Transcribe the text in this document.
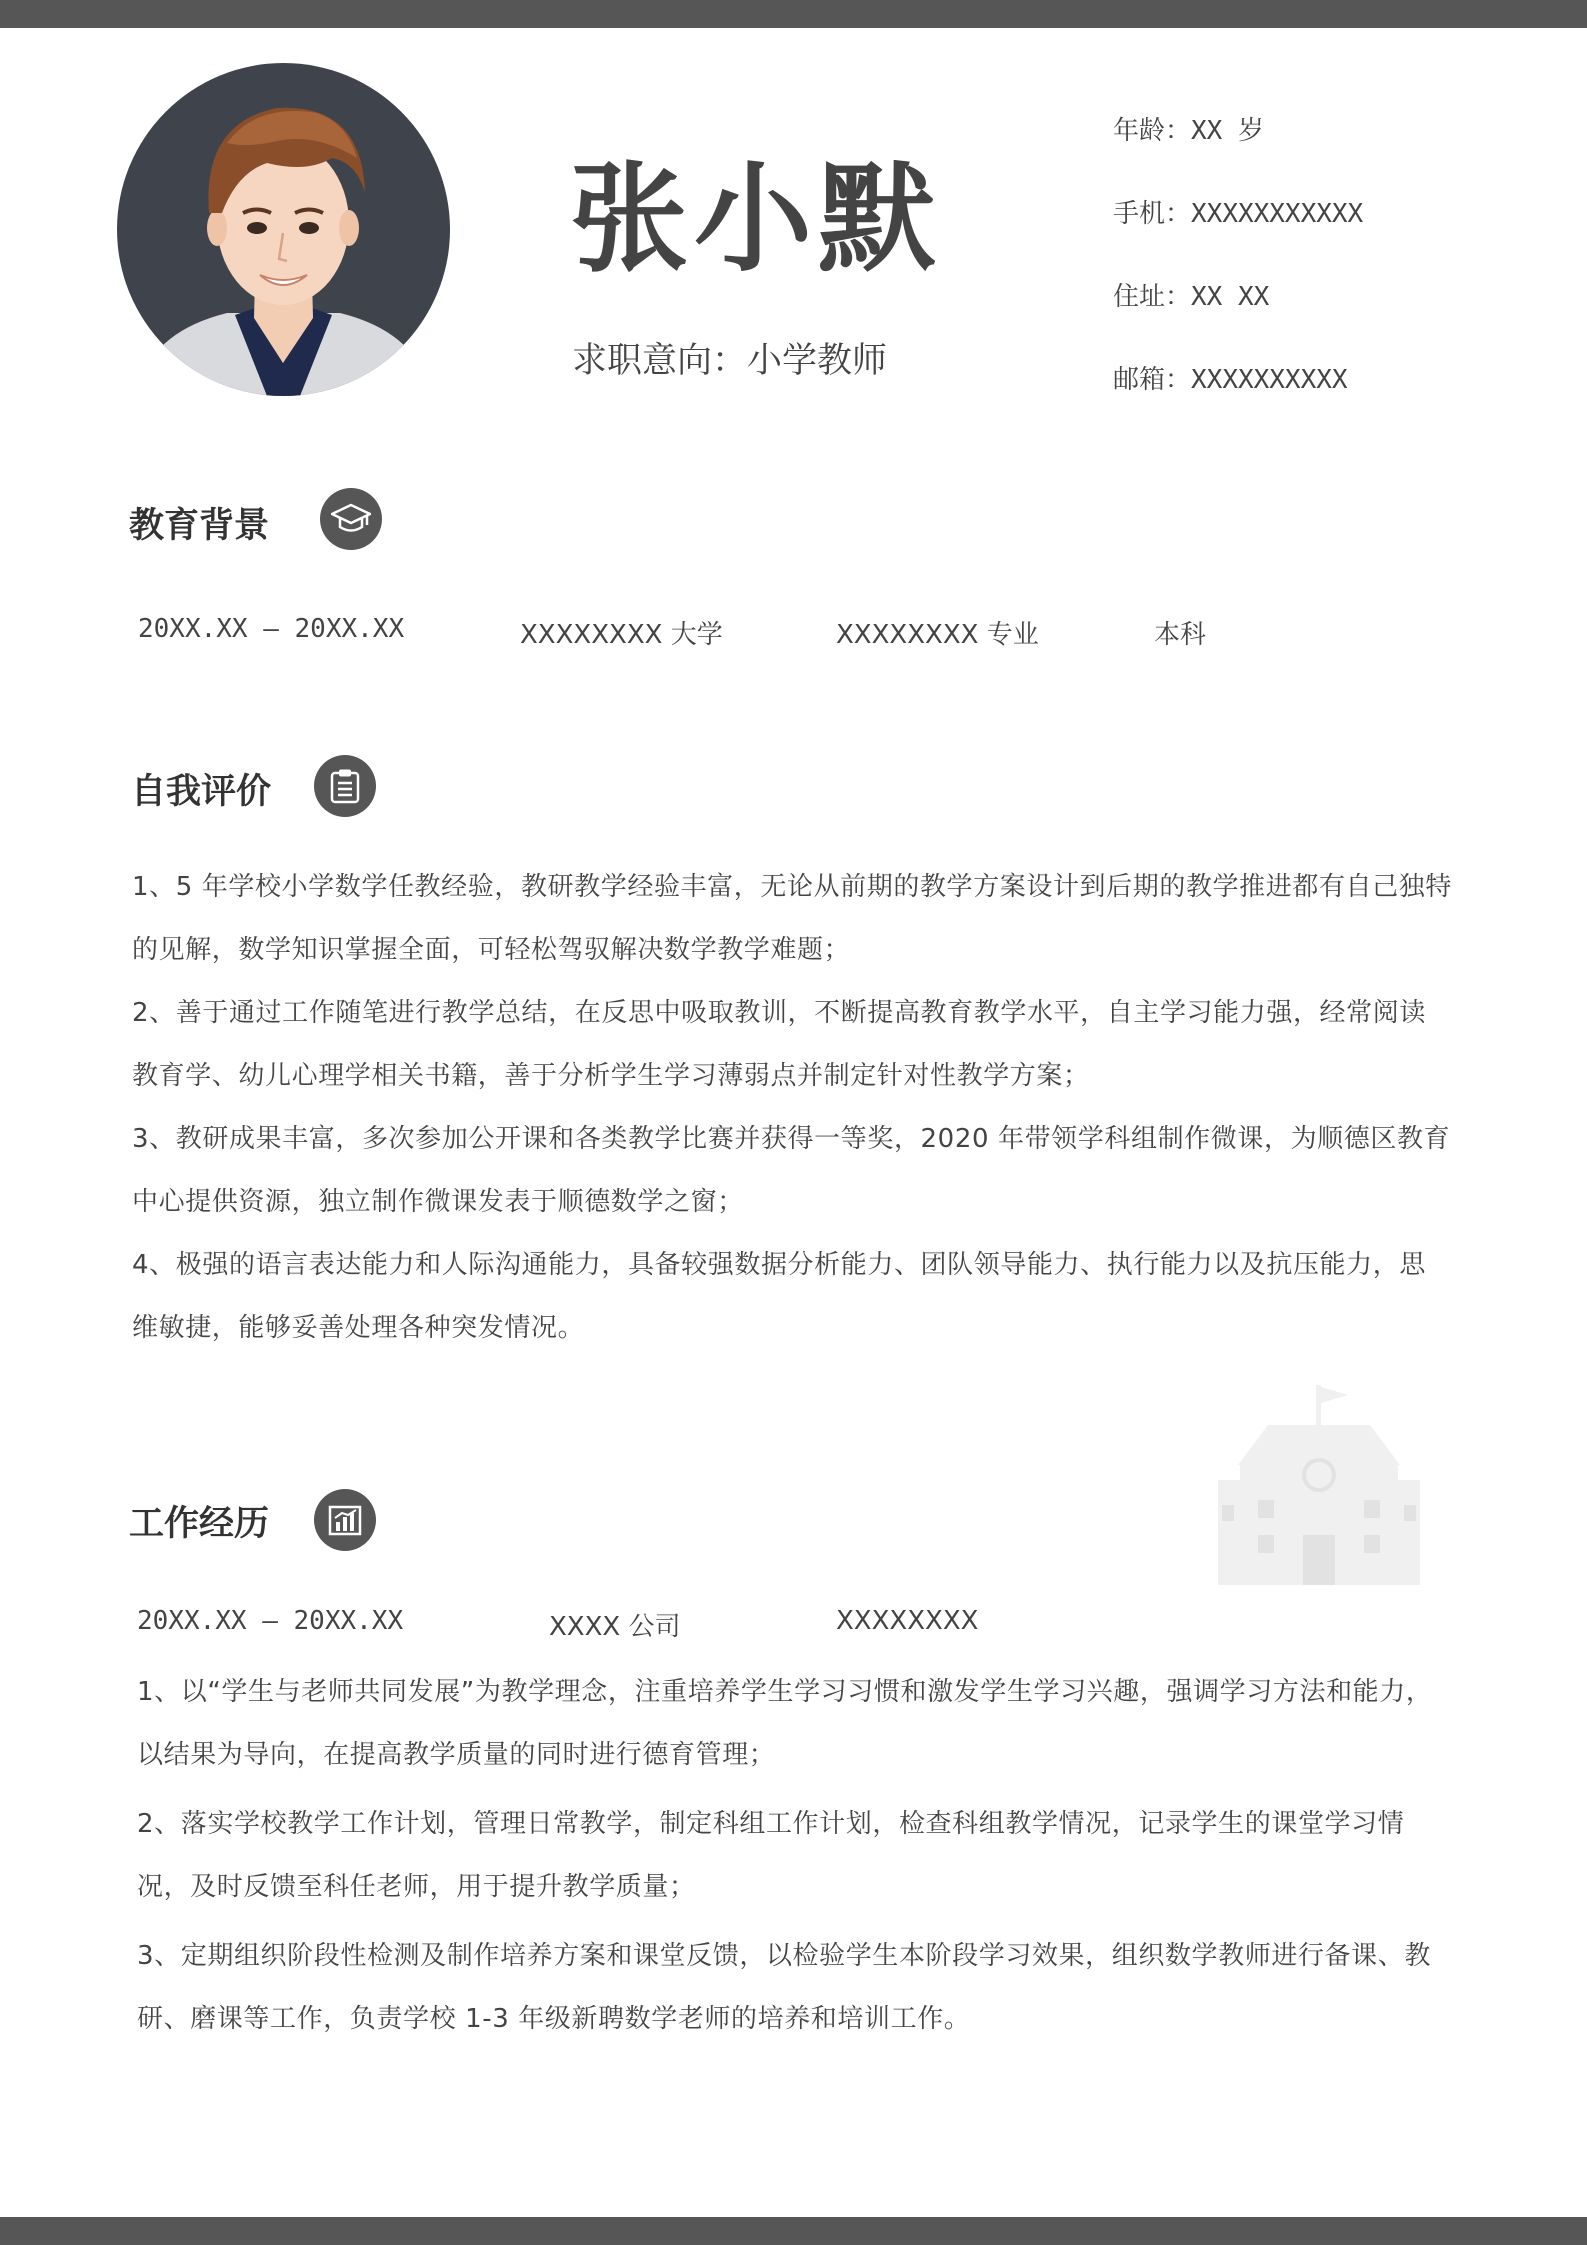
张小默
求职意向：小学教师
年龄：XX 岁
手机：XXXXXXXXXXX
住址：XX XX
邮箱：XXXXXXXXXX
教育背景
20XX.XX – 20XX.XX	XXXXXXXX 大学	XXXXXXXX 专业	本科
自我评价

1、5 年学校小学数学任教经验，教研教学经验丰富，无论从前期的教学方案设计到后期的教学推进都有自己独特的见解，数学知识掌握全面，可轻松驾驭解决数学教学难题；

2、善于通过工作随笔进行教学总结，在反思中吸取教训，不断提高教育教学水平，自主学习能力强，经常阅读教育学、幼儿心理学相关书籍，善于分析学生学习薄弱点并制定针对性教学方案；

3、教研成果丰富，多次参加公开课和各类教学比赛并获得一等奖，2020 年带领学科组制作微课，为顺德区教育中心提供资源，独立制作微课发表于顺德数学之窗；

4、极强的语言表达能力和人际沟通能力，具备较强数据分析能力、团队领导能力、执行能力以及抗压能力，思维敏捷，能够妥善处理各种突发情况。

工作经历
20XX.XX – 20XX.XX	XXXX 公司	XXXXXXXX

1、以“学生与老师共同发展”为教学理念，注重培养学生学习习惯和激发学生学习兴趣，强调学习方法和能力，以结果为导向，在提高教学质量的同时进行德育管理；

2、落实学校教学工作计划，管理日常教学，制定科组工作计划，检查科组教学情况，记录学生的课堂学习情况，及时反馈至科任老师，用于提升教学质量；

3、定期组织阶段性检测及制作培养方案和课堂反馈，以检验学生本阶段学习效果，组织数学教师进行备课、教研、磨课等工作，负责学校 1-3 年级新聘数学老师的培养和培训工作。
